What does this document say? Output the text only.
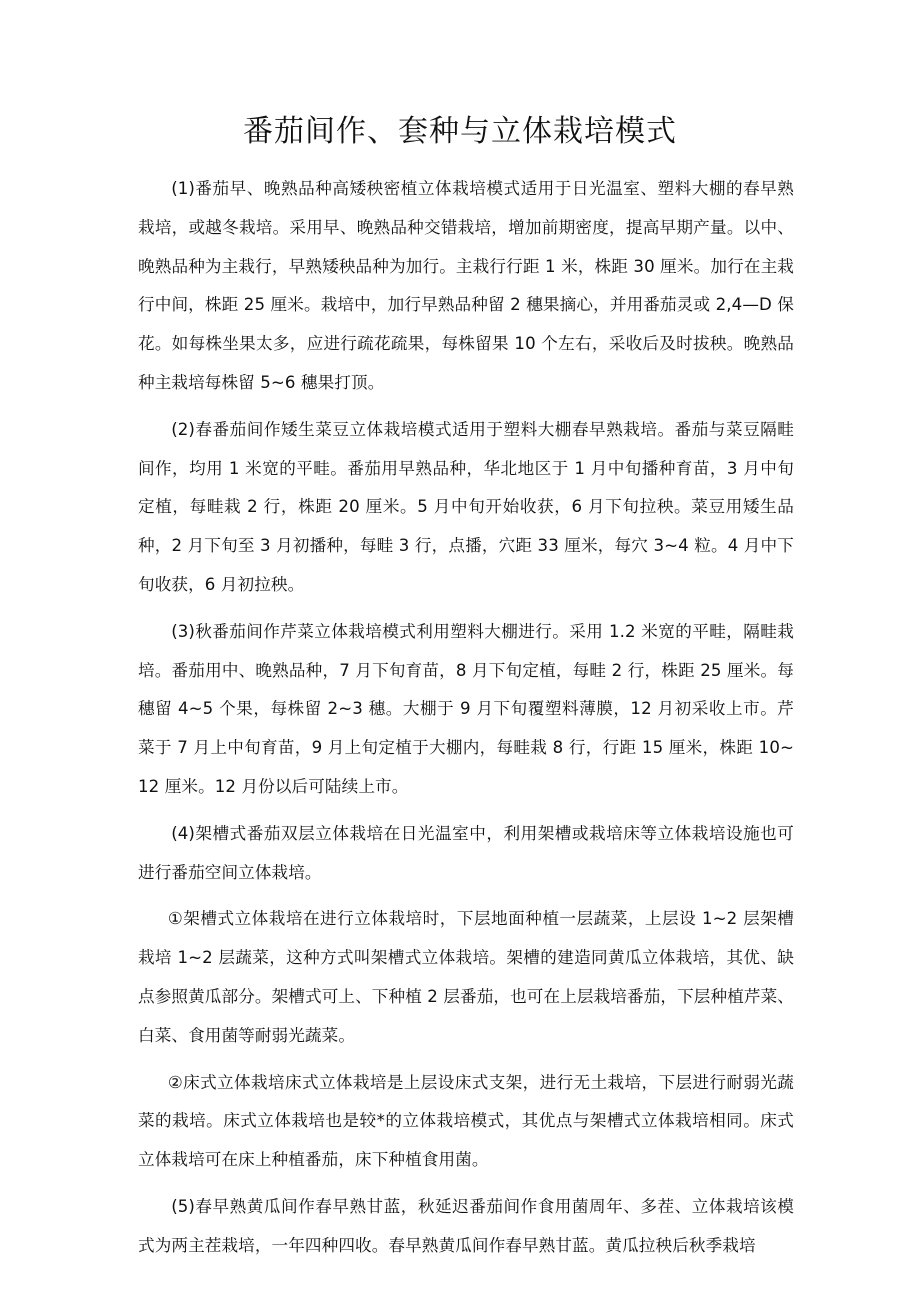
番茄间作、套种与立体栽培模式

(1)番茄早、晚熟品种高矮秧密植立体栽培模式适用于日光温室、塑料大棚的春早熟栽培，或越冬栽培。采用早、晚熟品种交错栽培，增加前期密度，提高早期产量。以中、晚熟品种为主栽行，早熟矮秧品种为加行。主栽行行距 1 米，株距 30 厘米。加行在主栽行中间，株距 25 厘米。栽培中，加行早熟品种留 2 穗果摘心，并用番茄灵或 2,4—D 保花。如每株坐果太多，应进行疏花疏果，每株留果 10 个左右，采收后及时拔秧。晚熟品种主栽培每株留 5~6 穗果打顶。

(2)春番茄间作矮生菜豆立体栽培模式适用于塑料大棚春早熟栽培。番茄与菜豆隔畦间作，均用 1 米宽的平畦。番茄用早熟品种，华北地区于 1 月中旬播种育苗，3 月中旬定植，每畦栽 2 行，株距 20 厘米。5 月中旬开始收获，6 月下旬拉秧。菜豆用矮生品种，2 月下旬至 3 月初播种，每畦 3 行，点播，穴距 33 厘米，每穴 3~4 粒。4 月中下旬收获，6 月初拉秧。

(3)秋番茄间作芹菜立体栽培模式利用塑料大棚进行。采用 1.2 米宽的平畦，隔畦栽培。番茄用中、晚熟品种，7 月下旬育苗，8 月下旬定植，每畦 2 行，株距 25 厘米。每穗留 4~5 个果，每株留 2~3 穗。大棚于 9 月下旬覆塑料薄膜，12 月初采收上市。芹菜于 7 月上中旬育苗，9 月上旬定植于大棚内，每畦栽 8 行，行距 15 厘米，株距 10~12 厘米。12 月份以后可陆续上市。

(4)架槽式番茄双层立体栽培在日光温室中，利用架槽或栽培床等立体栽培设施也可进行番茄空间立体栽培。

①架槽式立体栽培在进行立体栽培时，下层地面种植一层蔬菜，上层设 1~2 层架槽栽培 1~2 层蔬菜，这种方式叫架槽式立体栽培。架槽的建造同黄瓜立体栽培，其优、缺点参照黄瓜部分。架槽式可上、下种植 2 层番茄，也可在上层栽培番茄，下层种植芹菜、白菜、食用菌等耐弱光蔬菜。

②床式立体栽培床式立体栽培是上层设床式支架，进行无土栽培，下层进行耐弱光蔬菜的栽培。床式立体栽培也是较*的立体栽培模式，其优点与架槽式立体栽培相同。床式立体栽培可在床上种植番茄，床下种植食用菌。

(5)春早熟黄瓜间作春早熟甘蓝，秋延迟番茄间作食用菌周年、多茬、立体栽培该模式为两主茬栽培，一年四种四收。春早熟黄瓜间作春早熟甘蓝。黄瓜拉秧后秋季栽培
